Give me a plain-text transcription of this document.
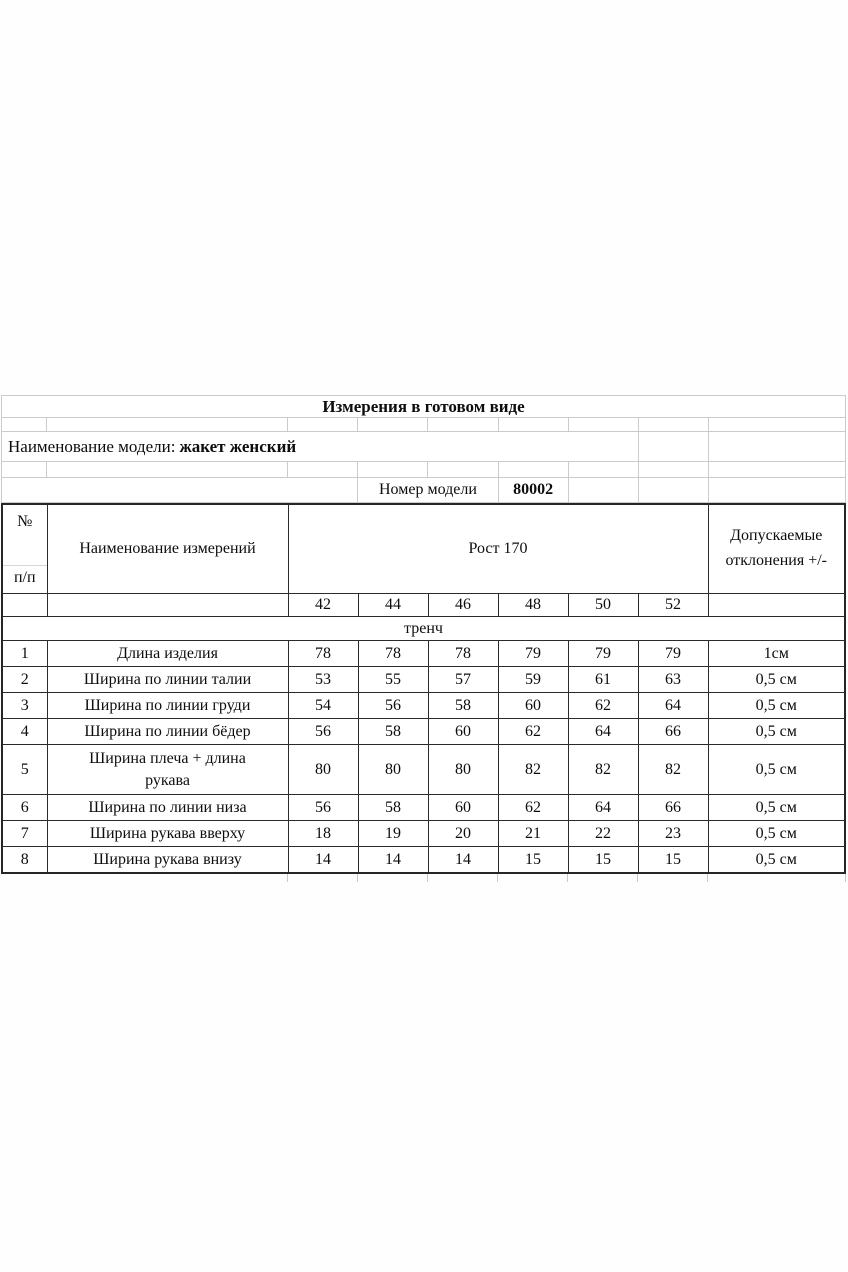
Измерения в готовом виде								

Наименование модели: жакет женский								

			Номер модели		80002			
№
п/п	Наименование измерений	Рост 170						Допускаемые отклонения +/-
		42	44	46	48	50	52	
тренч								
1	Длина изделия	78	78	78	79	79	79	1см
2	Ширина по линии талии	53	55	57	59	61	63	0,5 см
3	Ширина по линии груди	54	56	58	60	62	64	0,5 см
4	Ширина по линии бёдер	56	58	60	62	64	66	0,5 см
5	Ширина плеча + длина рукава	80	80	80	82	82	82	0,5 см
6	Ширина по линии низа	56	58	60	62	64	66	0,5 см
7	Ширина рукава вверху	18	19	20	21	22	23	0,5 см
8	Ширина рукава внизу	14	14	14	15	15	15	0,5 см
